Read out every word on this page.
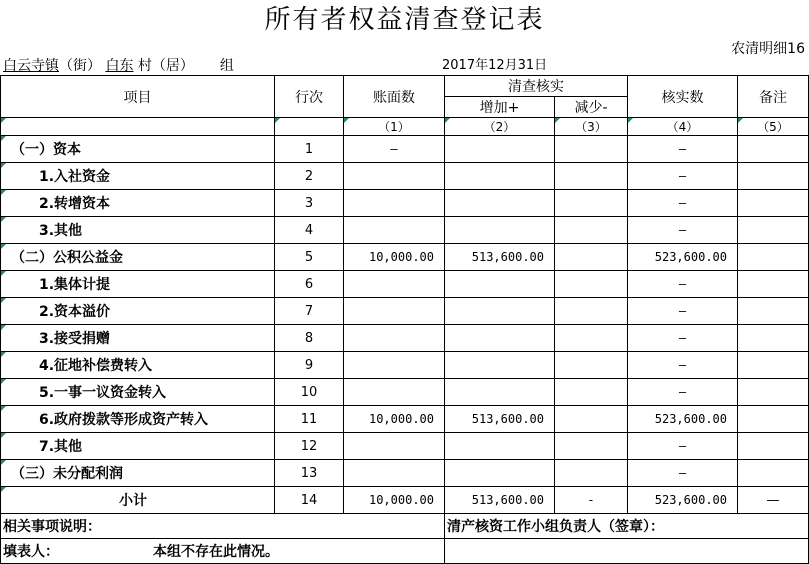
所有者权益清查登记表
农清明细16
白云寺镇（街） 白东 村（居） 组	2017年12月31日
项目	行次	账面数	清查核实		核实数	备注
			增加+	减少-		
		（1）	（2）	（3）	（4）	（5）
（一）资本	1	—			—	
1.入社资金	2				—	
2.转增资本	3				—	
3.其他	4				—	
（二）公积公益金	5	10,000.00	513,600.00		523,600.00	
1.集体计提	6				—	
2.资本溢价	7				—	
3.接受捐赠	8				—	
4.征地补偿费转入	9				—	
5.一事一议资金转入	10				—	
6.政府拨款等形成资产转入	11	10,000.00	513,600.00		523,600.00	
7.其他	12				—	
（三）未分配利润	13				—	
小计	14	10,000.00	513,600.00	-	523,600.00	—
相关事项说明：			清产核资工作小组负责人（签章）：			
填表人： 本组不存在此情况。						
